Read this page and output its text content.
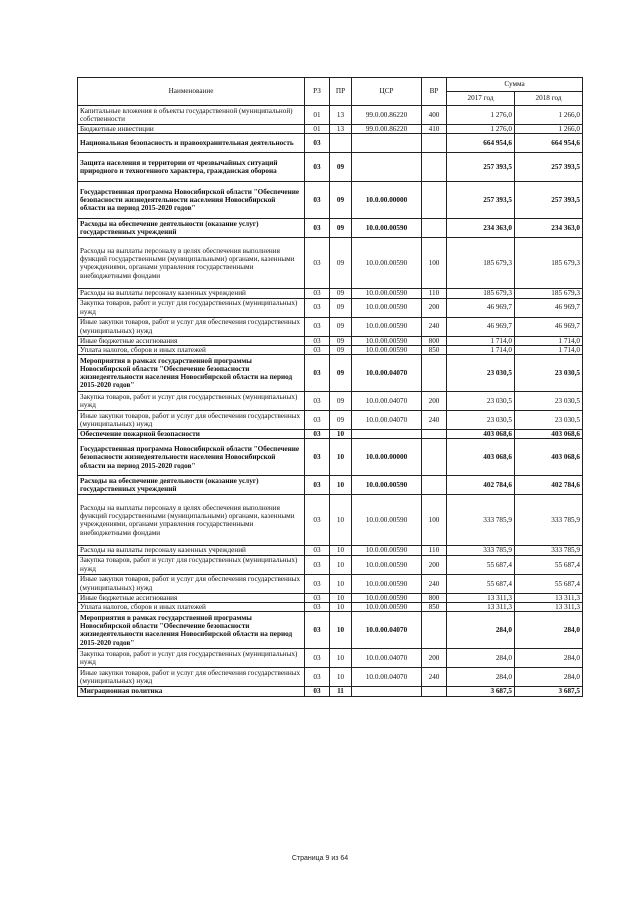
Наименование	РЗ	ПР	ЦСР	ВР	Сумма	
					2017 год	2018 год
Капитальные вложения в объекты государственной (муниципальной) собственности	01	13	99.0.00.86220	400	1 276,0	1 266,0
Бюджетные инвестиции	01	13	99.0.00.86220	410	1 276,0	1 266,0
Национальная безопасность и правоохранительная деятельность	03				664 954,6	664 954,6
Защита населения и территории от чрезвычайных ситуаций природного и техногенного характера, гражданская оборона	03	09			257 393,5	257 393,5
Государственная программа Новосибирской области "Обеспечение безопасности жизнедеятельности населения Новосибирской области на период 2015-2020 годов"	03	09	10.0.00.00000		257 393,5	257 393,5
Расходы на обеспечение деятельности (оказание услуг) государственных учреждений	03	09	10.0.00.00590		234 363,0	234 363,0
Расходы на выплаты персоналу в целях обеспечения выполнения функций государственными (муниципальными) органами, казенными учреждениями, органами управления государственными внебюджетными фондами	03	09	10.0.00.00590	100	185 679,3	185 679,3
Расходы на выплаты персоналу казенных учреждений	03	09	10.0.00.00590	110	185 679,3	185 679,3
Закупка товаров, работ и услуг для государственных (муниципальных) нужд	03	09	10.0.00.00590	200	46 969,7	46 969,7
Иные закупки товаров, работ и услуг для обеспечения государственных (муниципальных) нужд	03	09	10.0.00.00590	240	46 969,7	46 969,7
Иные бюджетные ассигнования	03	09	10.0.00.00590	800	1 714,0	1 714,0
Уплата налогов, сборов и иных платежей	03	09	10.0.00.00590	850	1 714,0	1 714,0
Мероприятия в рамках государственной программы Новосибирской области "Обеспечение безопасности жизнедеятельности населения Новосибирской области на период 2015-2020 годов"	03	09	10.0.00.04070		23 030,5	23 030,5
Закупка товаров, работ и услуг для государственных (муниципальных) нужд	03	09	10.0.00.04070	200	23 030,5	23 030,5
Иные закупки товаров, работ и услуг для обеспечения государственных (муниципальных) нужд	03	09	10.0.00.04070	240	23 030,5	23 030,5
Обеспечение пожарной безопасности	03	10			403 068,6	403 068,6
Государственная программа Новосибирской области "Обеспечение безопасности жизнедеятельности населения Новосибирской области на период 2015-2020 годов"	03	10	10.0.00.00000		403 068,6	403 068,6
Расходы на обеспечение деятельности (оказание услуг) государственных учреждений	03	10	10.0.00.00590		402 784,6	402 784,6
Расходы на выплаты персоналу в целях обеспечения выполнения функций государственными (муниципальными) органами, казенными учреждениями, органами управления государственными внебюджетными фондами	03	10	10.0.00.00590	100	333 785,9	333 785,9
Расходы на выплаты персоналу казенных учреждений	03	10	10.0.00.00590	110	333 785,9	333 785,9
Закупка товаров, работ и услуг для государственных (муниципальных) нужд	03	10	10.0.00.00590	200	55 687,4	55 687,4
Иные закупки товаров, работ и услуг для обеспечения государственных (муниципальных) нужд	03	10	10.0.00.00590	240	55 687,4	55 687,4
Иные бюджетные ассигнования	03	10	10.0.00.00590	800	13 311,3	13 311,3
Уплата налогов, сборов и иных платежей	03	10	10.0.00.00590	850	13 311,3	13 311,3
Мероприятия в рамках государственной программы Новосибирской области "Обеспечение безопасности жизнедеятельности населения Новосибирской области на период 2015-2020 годов"	03	10	10.0.00.04070		284,0	284,0
Закупка товаров, работ и услуг для государственных (муниципальных) нужд	03	10	10.0.00.04070	200	284,0	284,0
Иные закупки товаров, работ и услуг для обеспечения государственных (муниципальных) нужд	03	10	10.0.00.04070	240	284,0	284,0
Миграционная политика	03	11			3 687,5	3 687,5
Страница 9 из 64
